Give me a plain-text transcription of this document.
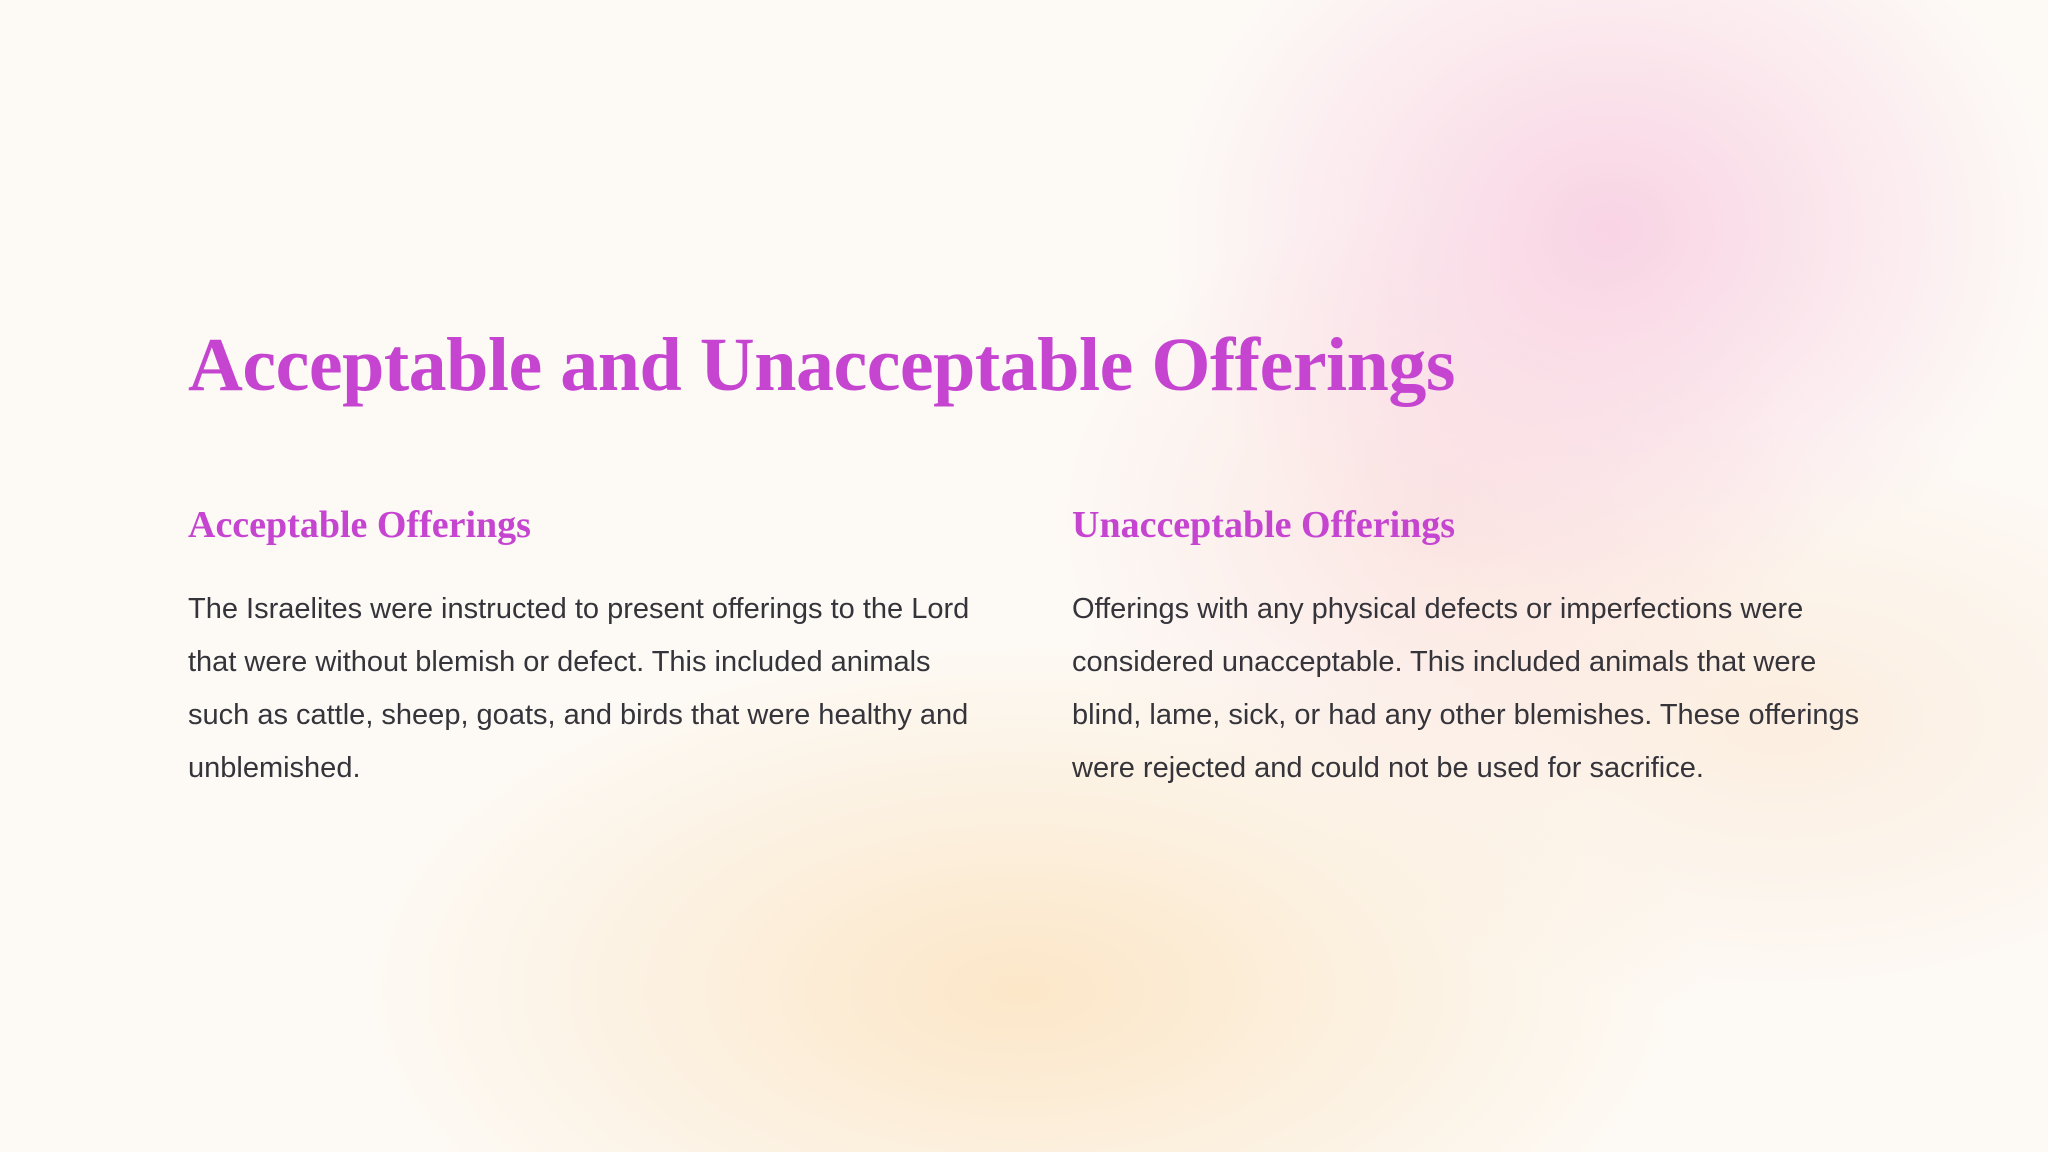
Acceptable and Unacceptable Offerings
Acceptable Offerings

The Israelites were instructed to present offerings to the Lord that were without blemish or defect. This included animals such as cattle, sheep, goats, and birds that were healthy and unblemished.

Unacceptable Offerings

Offerings with any physical defects or imperfections were considered unacceptable. This included animals that were blind, lame, sick, or had any other blemishes. These offerings were rejected and could not be used for sacrifice.
